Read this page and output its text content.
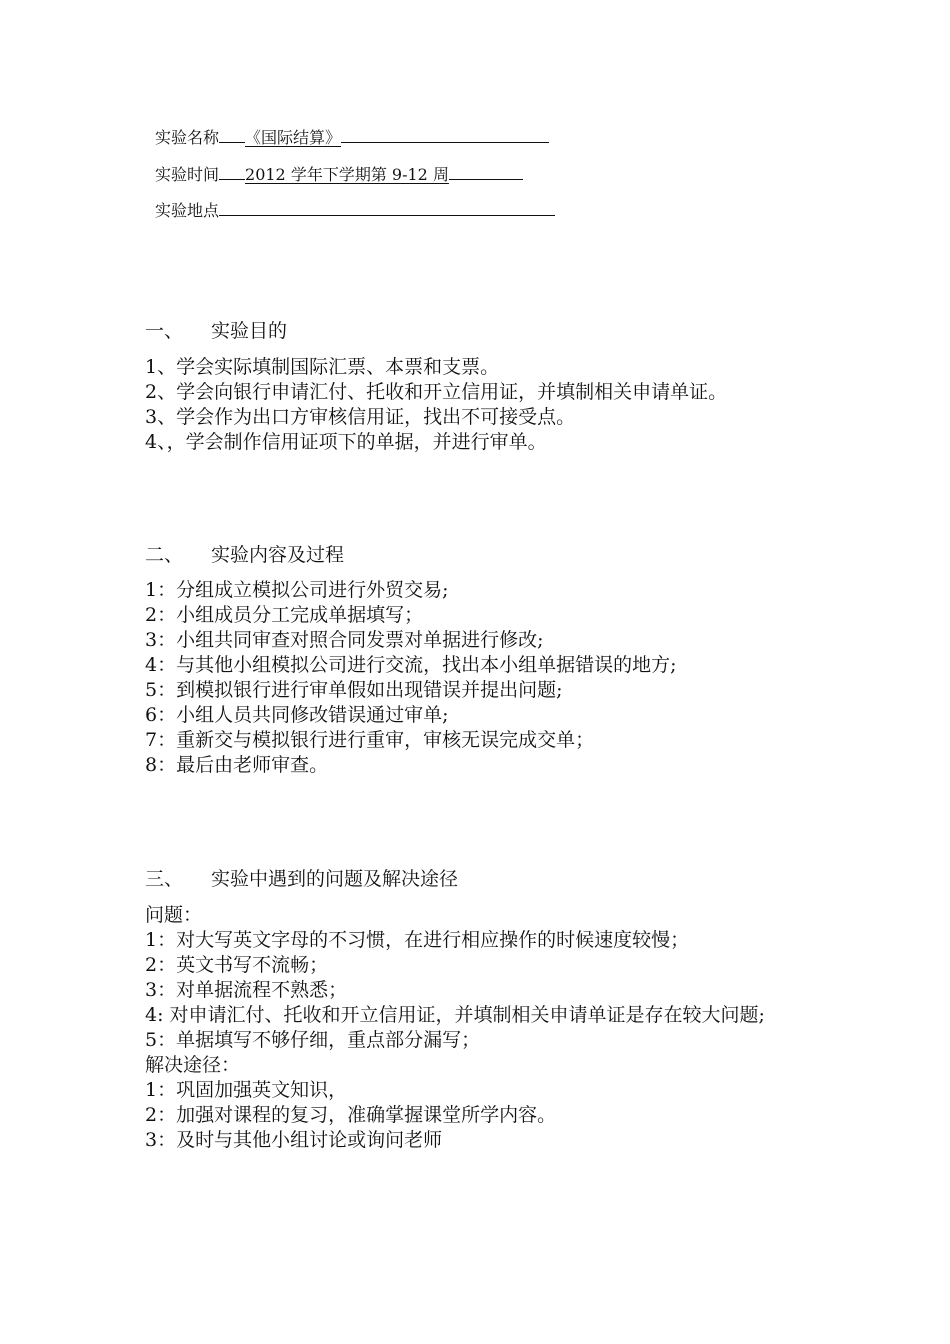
实验名称 《国际结算》
实验时间 2012 学年下学期第 9-12 周
实验地点
一、 实验目的
1、学会实际填制国际汇票、本票和支票。
2、学会向银行申请汇付、托收和开立信用证，并填制相关申请单证。
3、学会作为出口方审核信用证，找出不可接受点。
4、，学会制作信用证项下的单据，并进行审单。
二、 实验内容及过程
1：分组成立模拟公司进行外贸交易;
2：小组成员分工完成单据填写；
3：小组共同审查对照合同发票对单据进行修改;
4：与其他小组模拟公司进行交流，找出本小组单据错误的地方;
5：到模拟银行进行审单假如出现错误并提出问题;
6：小组人员共同修改错误通过审单;
7：重新交与模拟银行进行重审，审核无误完成交单；
8：最后由老师审查。
三、 实验中遇到的问题及解决途径
问题：
1：对大写英文字母的不习惯，在进行相应操作的时候速度较慢；
2：英文书写不流畅；
3：对单据流程不熟悉；
4: 对申请汇付、托收和开立信用证，并填制相关申请单证是存在较大问题;
5：单据填写不够仔细，重点部分漏写；
解决途径：
1：巩固加强英文知识，
2：加强对课程的复习，准确掌握课堂所学内容。
3：及时与其他小组讨论或询问老师
